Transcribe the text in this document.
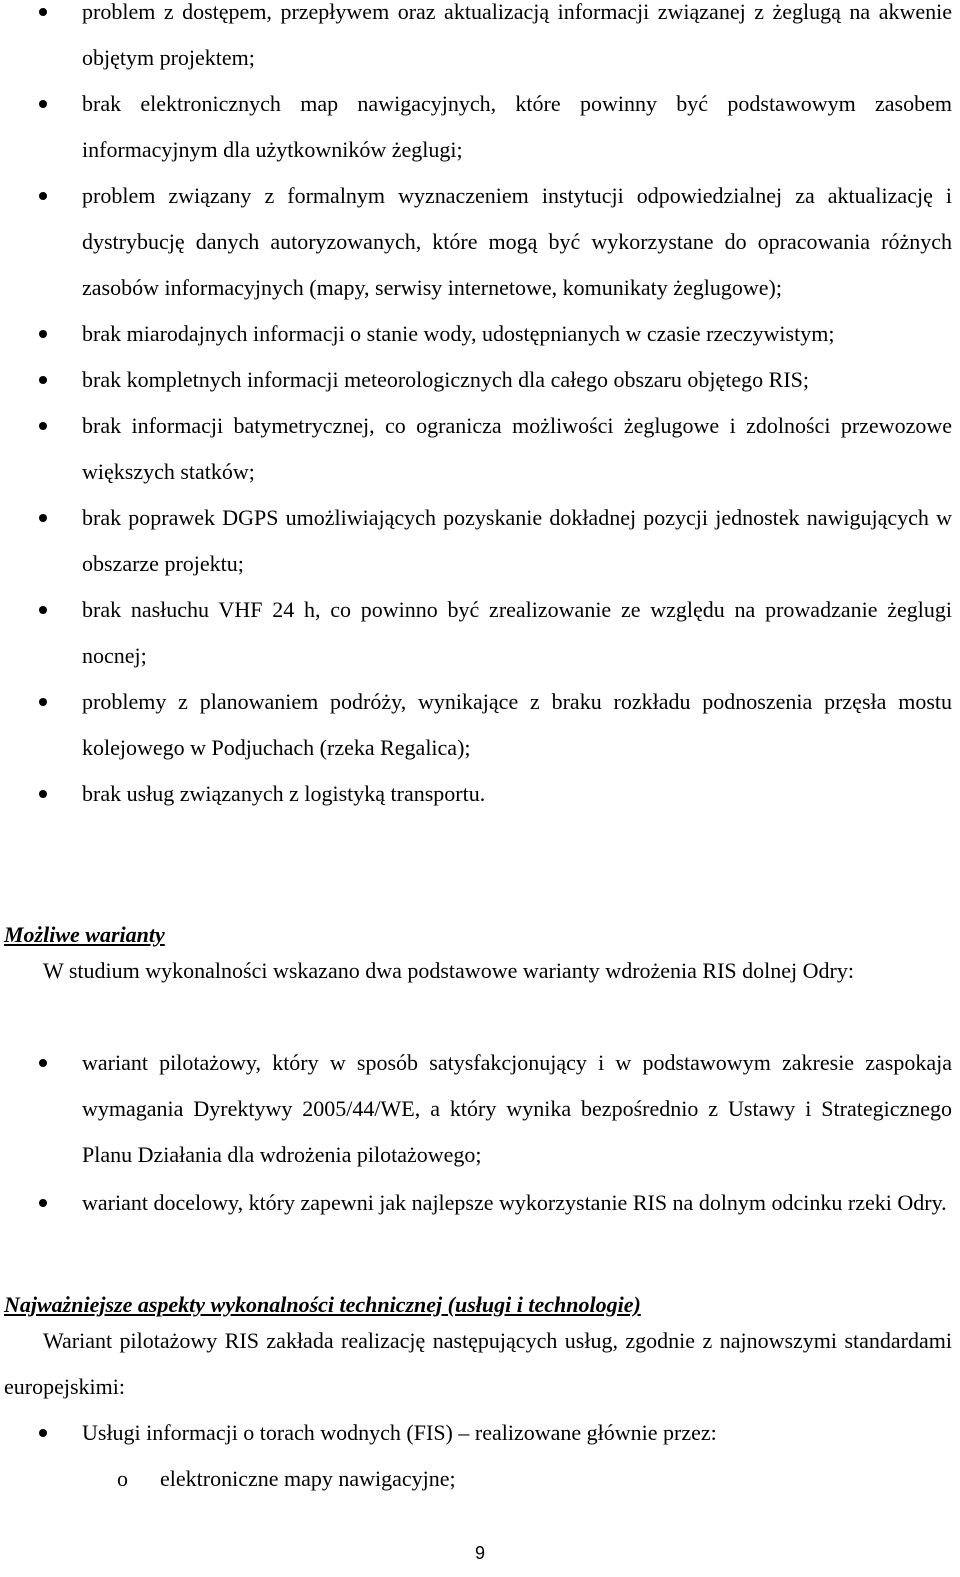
problem z dostępem, przepływem oraz aktualizacją informacji związanej z żeglugą na akwenie objętym projektem;
brak elektronicznych map nawigacyjnych, które powinny być podstawowym zasobem informacyjnym dla użytkowników żeglugi;
problem związany z formalnym wyznaczeniem instytucji odpowiedzialnej za aktualizację i dystrybucję danych autoryzowanych, które mogą być wykorzystane do opracowania różnych zasobów informacyjnych (mapy, serwisy internetowe, komunikaty żeglugowe);
brak miarodajnych informacji o stanie wody, udostępnianych w czasie rzeczywistym;
brak kompletnych informacji meteorologicznych dla całego obszaru objętego RIS;
brak informacji batymetrycznej, co ogranicza możliwości żeglugowe i zdolności przewozowe większych statków;
brak poprawek DGPS umożliwiających pozyskanie dokładnej pozycji jednostek nawigujących w obszarze projektu;
brak nasłuchu VHF 24 h, co powinno być zrealizowanie ze względu na prowadzanie żeglugi nocnej;
problemy z planowaniem podróży, wynikające z braku rozkładu podnoszenia przęsła mostu kolejowego w Podjuchach (rzeka Regalica);
brak usług związanych z logistyką transportu.
Możliwe warianty
W studium wykonalności wskazano dwa podstawowe warianty wdrożenia RIS dolnej Odry:
wariant pilotażowy, który w sposób satysfakcjonujący i w podstawowym zakresie zaspokaja wymagania Dyrektywy 2005/44/WE, a który wynika bezpośrednio z Ustawy i Strategicznego Planu Działania dla wdrożenia pilotażowego;
wariant docelowy, który zapewni jak najlepsze wykorzystanie RIS na dolnym odcinku rzeki Odry.
Najważniejsze aspekty wykonalności technicznej (usługi i technologie)
Wariant pilotażowy RIS zakłada realizację następujących usług, zgodnie z najnowszymi standardami europejskimi:
Usługi informacji o torach wodnych (FIS) – realizowane głównie przez:
o elektroniczne mapy nawigacyjne;
9
